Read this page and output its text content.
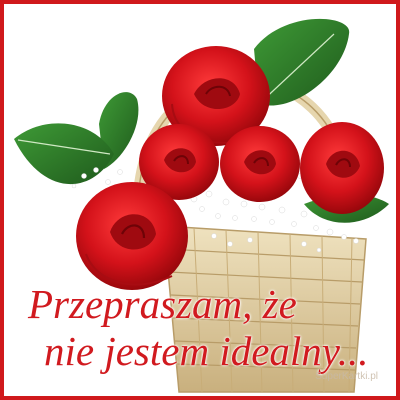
Przepraszam, że
nie jestem idealny...
SuperKartki.pl
